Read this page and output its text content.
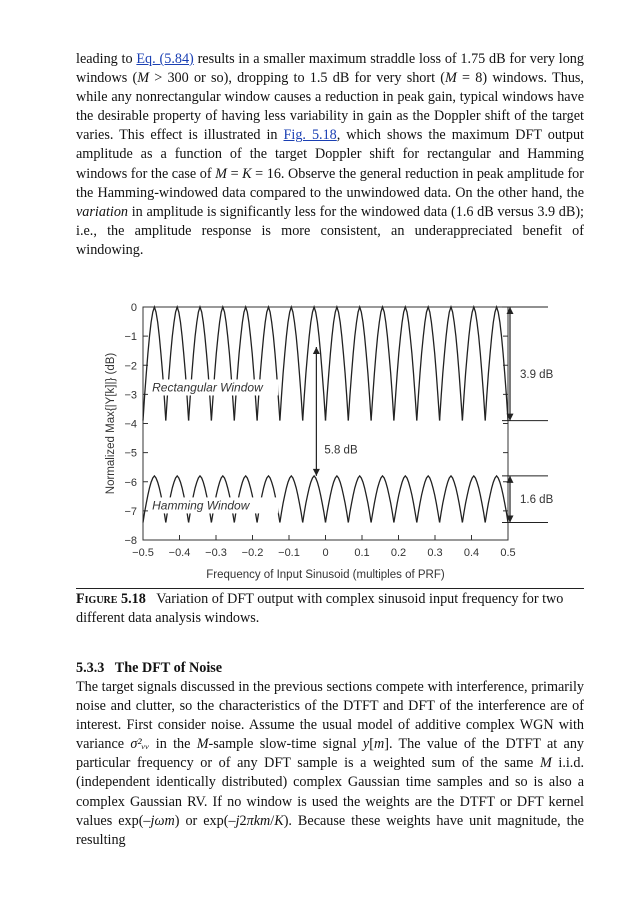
leading to Eq. (5.84) results in a smaller maximum straddle loss of 1.75 dB for very long windows (M > 300 or so), dropping to 1.5 dB for very short (M = 8) windows. Thus, while any nonrectangular window causes a reduction in peak gain, typical windows have the desirable property of having less variability in gain as the Doppler shift of the target varies. This effect is illustrated in Fig. 5.18, which shows the maximum DFT output amplitude as a function of the target Doppler shift for rectangular and Hamming windows for the case of M = K = 16. Observe the general reduction in peak amplitude for the Hamming-windowed data compared to the unwindowed data. On the other hand, the variation in amplitude is significantly less for the windowed data (1.6 dB versus 3.9 dB); i.e., the amplitude response is more consistent, an underappreciated benefit of windowing.
0
−1
−2
−3
−4
−5
−6
−7
−8
−0.5 −0.4 −0.3 −0.2 −0.1 0 0.1 0.2 0.3 0.4 0.5
Frequency of Input Sinusoid (multiples of PRF)
Normalized Max{|Y[k]|} (dB)	Rectangular Window
Hamming Window
3.9 dB
5.8 dB
1.6 dB
Figure 5.18 Variation of DFT output with complex sinusoid input frequency for two different data analysis windows.
5.3.3 The DFT of Noise
The target signals discussed in the previous sections compete with interference, primarily noise and clutter, so the characteristics of the DTFT and DFT of the interference are of interest. First consider noise. Assume the usual model of additive complex WGN with variance σ²ᵥᵥ in the M-sample slow-time signal y[m]. The value of the DTFT at any particular frequency or of any DFT sample is a weighted sum of the same M i.i.d. (independent identically distributed) complex Gaussian time samples and so is also a complex Gaussian RV. If no window is used the weights are the DTFT or DFT kernel values exp(–jωm) or exp(–j2πkm/K). Because these weights have unit magnitude, the resulting
